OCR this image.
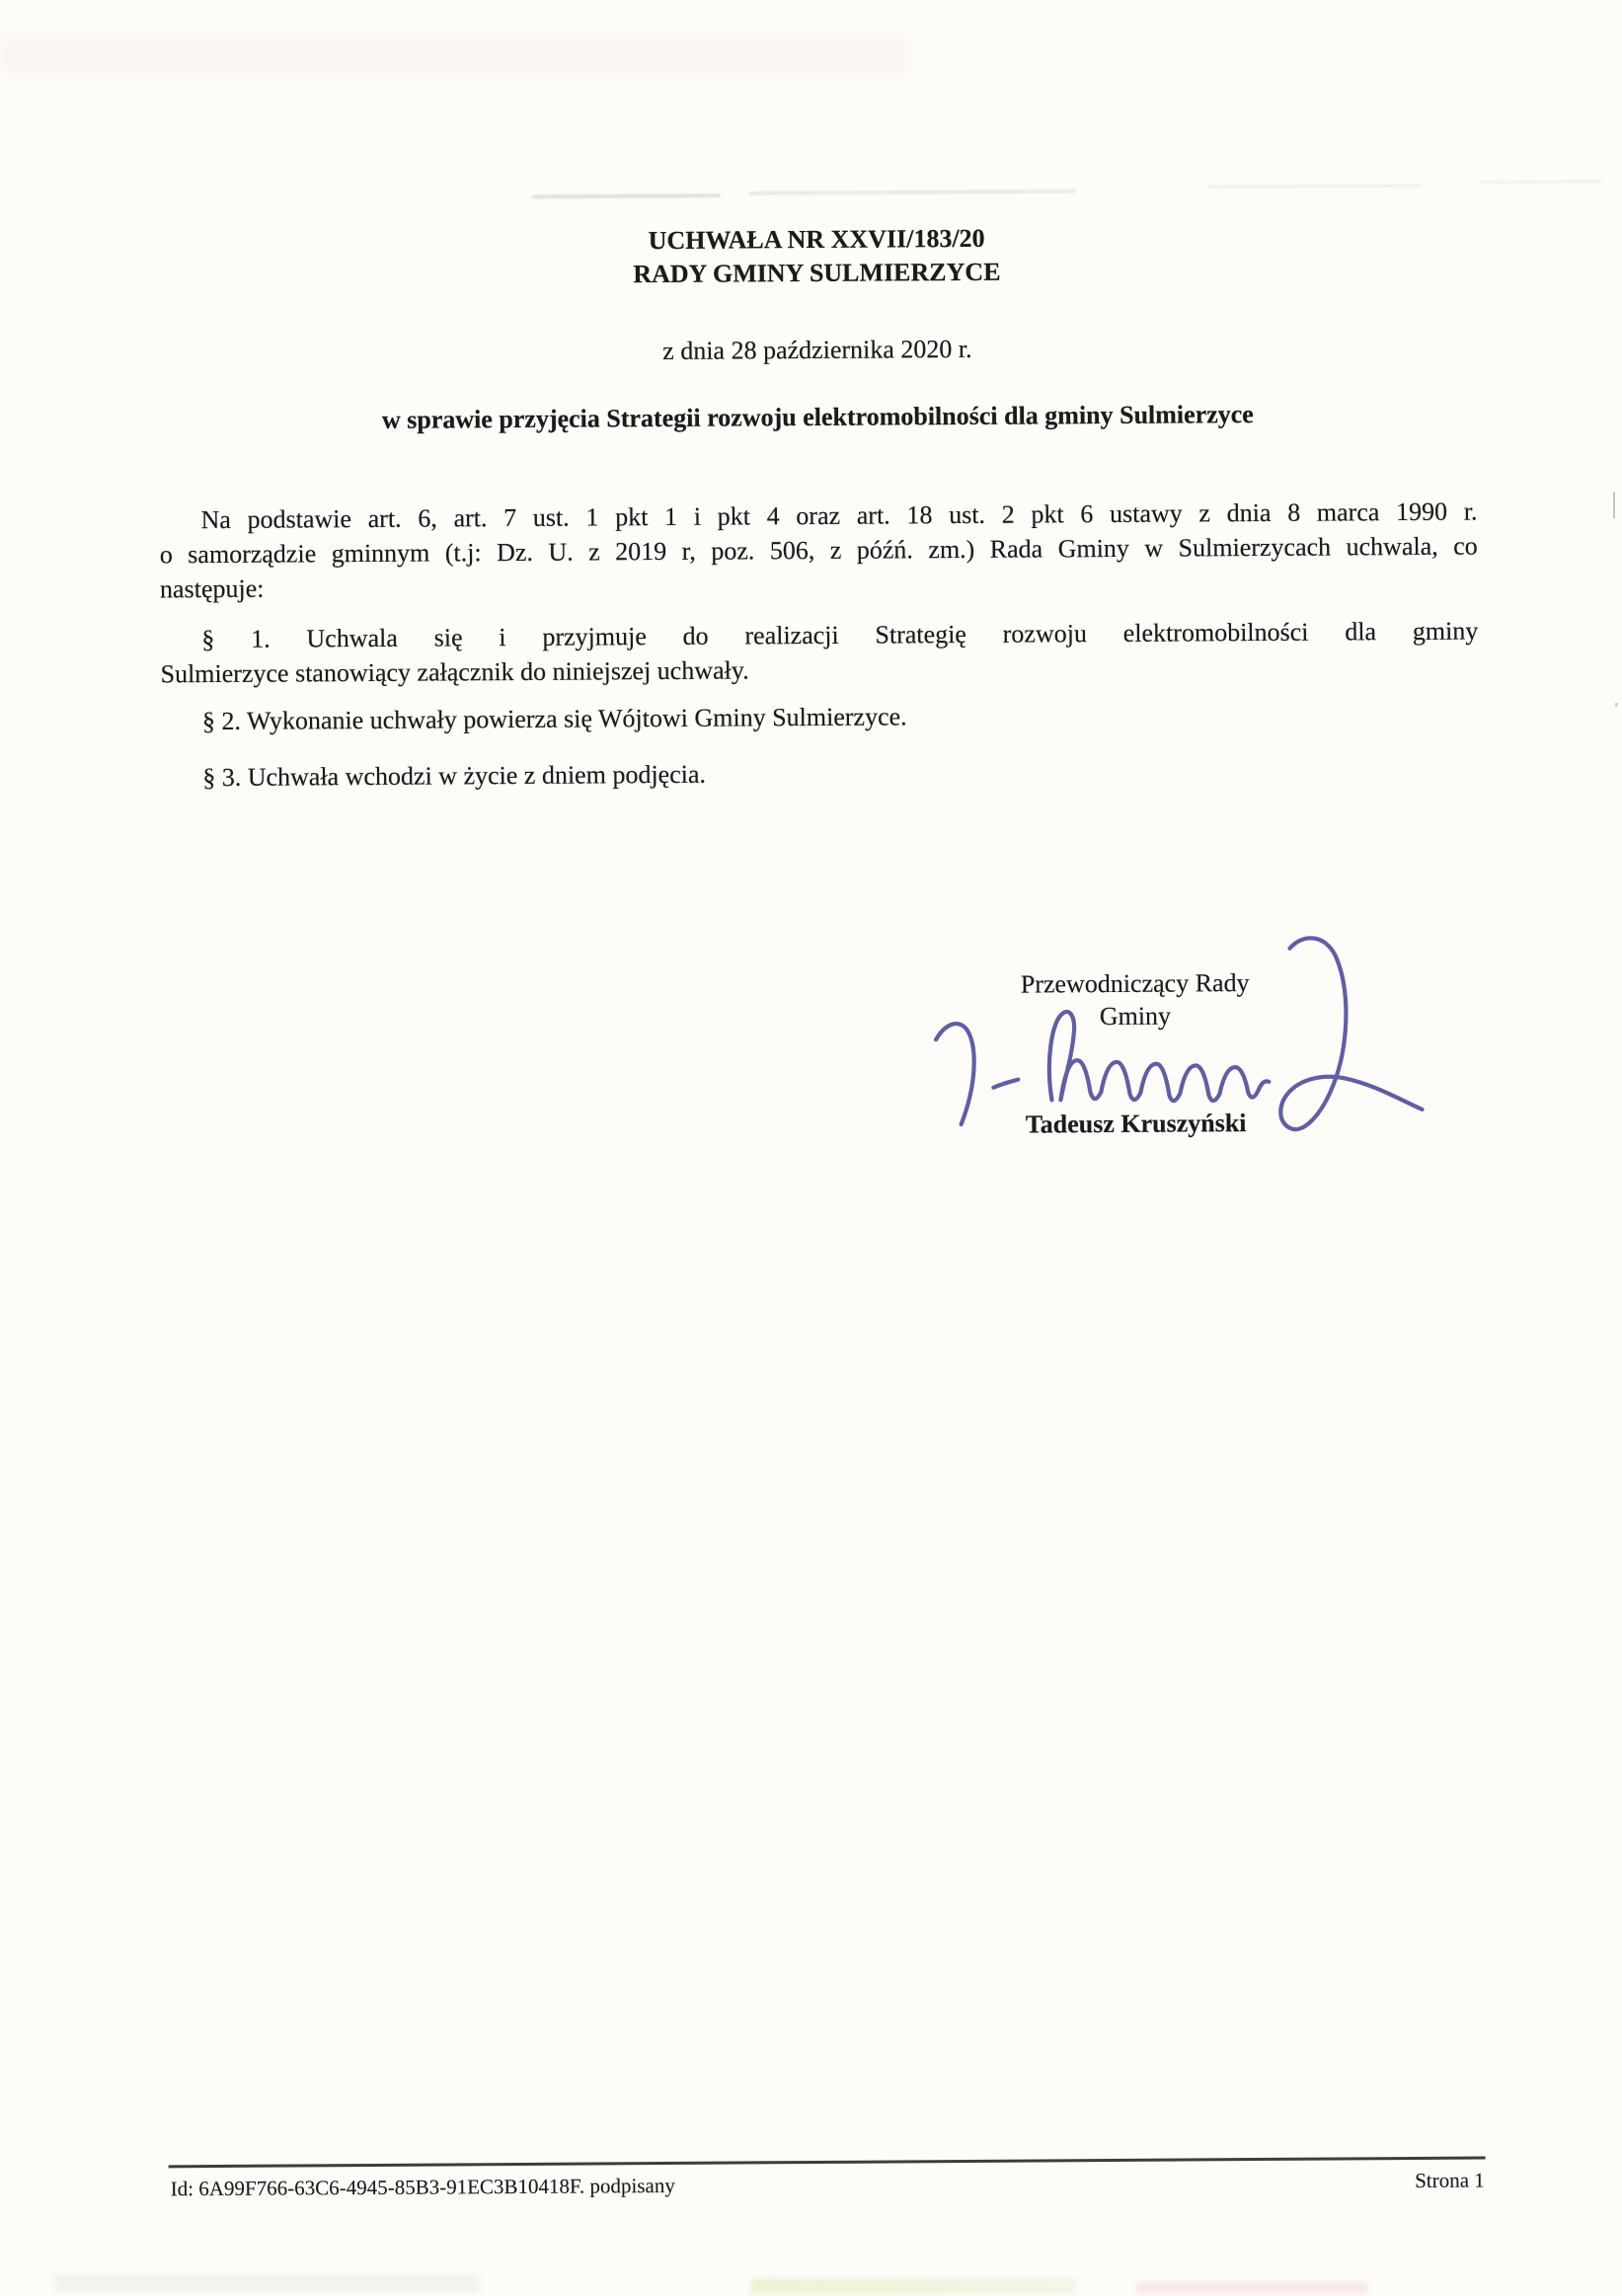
UCHWAŁA NR XXVII/183/20
RADY GMINY SULMIERZYCE
z dnia 28 października 2020 r.
w sprawie przyjęcia Strategii rozwoju elektromobilności dla gminy Sulmierzyce
Na podstawie art. 6, art. 7 ust. 1 pkt 1 i pkt 4 oraz art. 18 ust. 2 pkt 6 ustawy z dnia 8 marca 1990 r.
o samorządzie gminnym (t.j: Dz. U. z 2019 r, poz. 506, z późń. zm.) Rada Gminy w Sulmierzycach uchwala, co
następuje:
§ 1. Uchwala się i przyjmuje do realizacji Strategię rozwoju elektromobilności dla gminy
Sulmierzyce stanowiący załącznik do niniejszej uchwały.
§ 2. Wykonanie uchwały powierza się Wójtowi Gminy Sulmierzyce.
§ 3. Uchwała wchodzi w życie z dniem podjęcia.
Przewodniczący Rady
Gminy
Tadeusz Kruszyński
Id: 6A99F766-63C6-4945-85B3-91EC3B10418F. podpisany	Strona 1
